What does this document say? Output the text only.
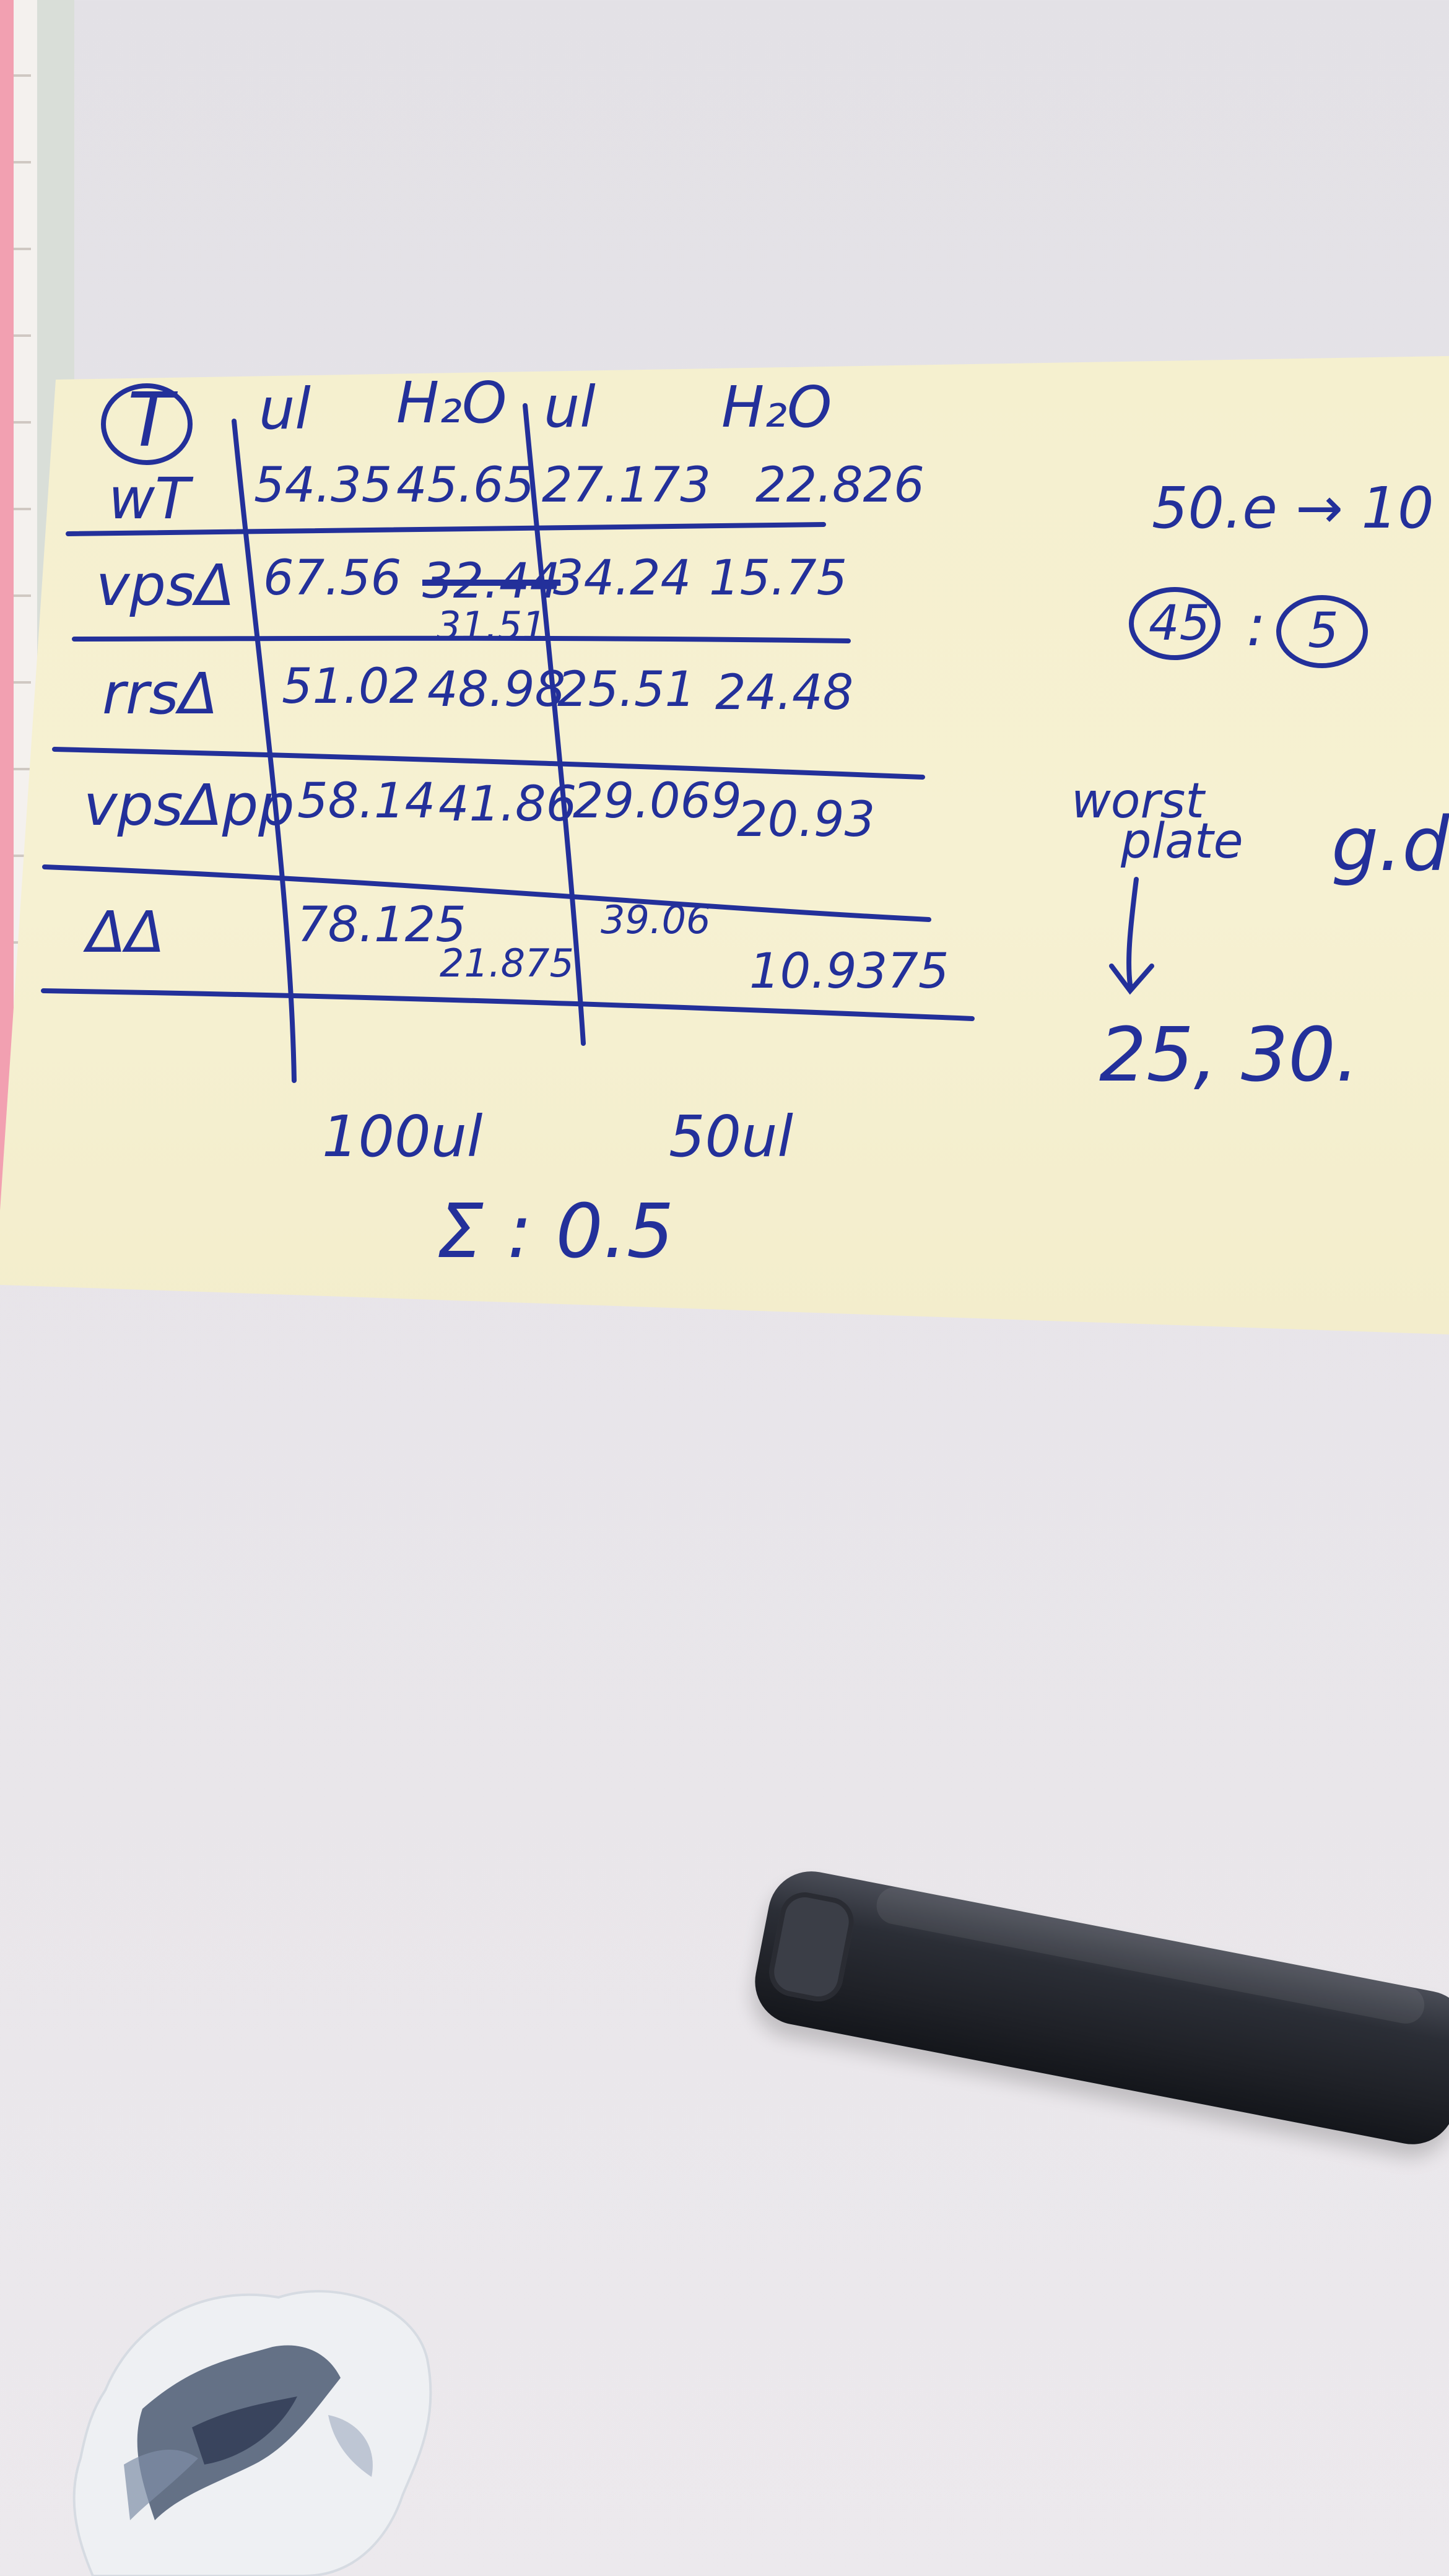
T ul H₂O ul H₂O
wT 54.35 45.65 27.173 22.826
vpsΔ 67.56 32.44
31.51
34.24 15.75
rrsΔ 51.02 48.98
25.51 24.48
vpsΔpp 58.14 41.86
29.069
20.93
ΔΔ	78.125
21.875
39.06
10.9375
100ul	50ul
Σ : 0.5
50.e → 10
45 : 5
worst
plate g.d
25, 30.
